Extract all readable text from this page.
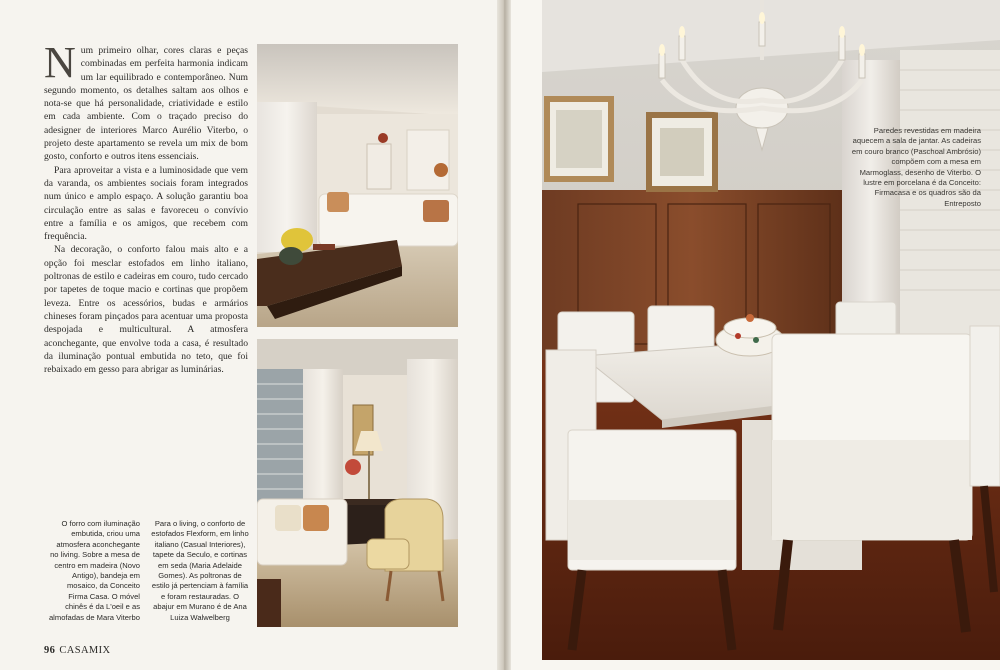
Num primeiro olhar, cores claras e peças combinadas em perfeita harmonia indicam um lar equilibrado e contemporâneo. Num segundo momento, os detalhes saltam aos olhos e nota-se que há personalidade, criatividade e estilo em cada ambiente. Com o traçado preciso do adesigner de interiores Marco Aurélio Viterbo, o projeto deste apartamento se revela um mix de bom gosto, conforto e outros itens essenciais.

Para aproveitar a vista e a luminosidade que vem da varanda, os ambientes sociais foram integrados num único e amplo espaço. A solução garantiu boa circulação entre as salas e favoreceu o convívio entre a família e os amigos, que recebem com frequência.

Na decoração, o conforto falou mais alto e a opção foi mesclar estofados em linho italiano, poltronas de estilo e cadeiras em couro, tudo cercado por tapetes de toque macio e cortinas que propõem leveza. Entre os acessórios, budas e armários chineses foram pinçados para acentuar uma proposta despojada e multicultural. A atmosfera aconchegante, que envolve toda a casa, é resultado da iluminação pontual embutida no teto, que foi rebaixado em gesso para abrigar as luminárias.

O forro com iluminação embutida, criou uma atmosfera aconchegante no living. Sobre a mesa de centro em madeira (Novo Antigo), bandeja em mosaico, da Conceito Firma Casa. O móvel chinês é da L'oeil e as almofadas de Mara Viterbo
Para o living, o conforto de estofados Flexform, em linho italiano (Casual Interiores), tapete da Seculo, e cortinas em seda (Maria Adelaide Gomes). As poltronas de estilo já pertenciam à família e foram restauradas. O abajur em Murano é de Ana Luiza Walwelberg
96 CASAMIX
Paredes revestidas em madeira aquecem a sala de jantar. As cadeiras em couro branco (Paschoal Ambrósio) compõem com a mesa em Marmoglass, desenho de Viterbo. O lustre em porcelana é da Conceito: Firmacasa e os quadros são da Entreposto
